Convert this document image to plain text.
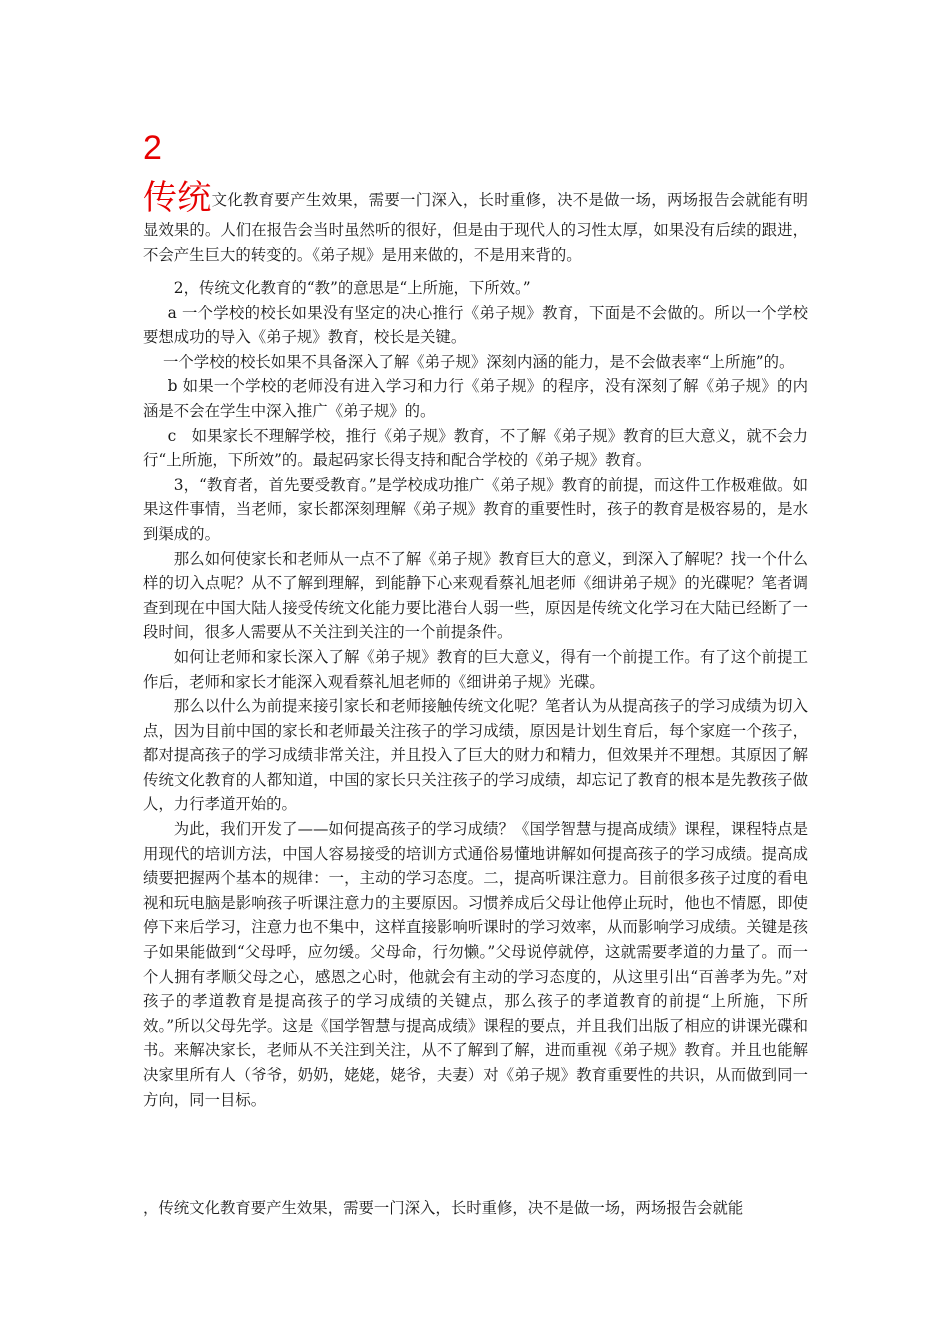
2

传统文化教育要产生效果，需要一门深入，长时重修，决不是做一场，两场报告会就能有明显效果的。人们在报告会当时虽然听的很好，但是由于现代人的习性太厚，如果没有后续的跟进，不会产生巨大的转变的。《弟子规》是用来做的，不是用来背的。

2，传统文化教育的“教”的意思是“上所施，下所效。”

a 一个学校的校长如果没有坚定的决心推行《弟子规》教育，下面是不会做的。所以一个学校要想成功的导入《弟子规》教育，校长是关键。

一个学校的校长如果不具备深入了解《弟子规》深刻内涵的能力，是不会做表率“上所施”的。

b 如果一个学校的老师没有进入学习和力行《弟子规》的程序，没有深刻了解《弟子规》的内涵是不会在学生中深入推广《弟子规》的。

c　如果家长不理解学校，推行《弟子规》教育，不了解《弟子规》教育的巨大意义，就不会力行“上所施，下所效”的。最起码家长得支持和配合学校的《弟子规》教育。

3，“教育者，首先要受教育。”是学校成功推广《弟子规》教育的前提，而这件工作极难做。如果这件事情，当老师，家长都深刻理解《弟子规》教育的重要性时，孩子的教育是极容易的，是水到渠成的。

那么如何使家长和老师从一点不了解《弟子规》教育巨大的意义，到深入了解呢？找一个什么样的切入点呢？从不了解到理解，到能静下心来观看蔡礼旭老师《细讲弟子规》的光碟呢？笔者调查到现在中国大陆人接受传统文化能力要比港台人弱一些，原因是传统文化学习在大陆已经断了一段时间，很多人需要从不关注到关注的一个前提条件。

如何让老师和家长深入了解《弟子规》教育的巨大意义，得有一个前提工作。有了这个前提工作后，老师和家长才能深入观看蔡礼旭老师的《细讲弟子规》光碟。

那么以什么为前提来接引家长和老师接触传统文化呢？笔者认为从提高孩子的学习成绩为切入点，因为目前中国的家长和老师最关注孩子的学习成绩，原因是计划生育后，每个家庭一个孩子，都对提高孩子的学习成绩非常关注，并且投入了巨大的财力和精力，但效果并不理想。其原因了解传统文化教育的人都知道，中国的家长只关注孩子的学习成绩，却忘记了教育的根本是先教孩子做人，力行孝道开始的。

为此，我们开发了——如何提高孩子的学习成绩？《国学智慧与提高成绩》课程，课程特点是用现代的培训方法，中国人容易接受的培训方式通俗易懂地讲解如何提高孩子的学习成绩。提高成绩要把握两个基本的规律：一，主动的学习态度。二，提高听课注意力。目前很多孩子过度的看电视和玩电脑是影响孩子听课注意力的主要原因。习惯养成后父母让他停止玩时，他也不情愿，即使停下来后学习，注意力也不集中，这样直接影响听课时的学习效率，从而影响学习成绩。关键是孩子如果能做到“父母呼，应勿缓。父母命，行勿懒。”父母说停就停，这就需要孝道的力量了。而一个人拥有孝顺父母之心，感恩之心时，他就会有主动的学习态度的，从这里引出“百善孝为先。”对孩子的孝道教育是提高孩子的学习成绩的关键点，那么孩子的孝道教育的前提“上所施，下所效。”所以父母先学。这是《国学智慧与提高成绩》课程的要点，并且我们出版了相应的讲课光碟和书。来解决家长，老师从不关注到关注，从不了解到了解，进而重视《弟子规》教育。并且也能解决家里所有人（爷爷，奶奶，姥姥，姥爷，夫妻）对《弟子规》教育重要性的共识，从而做到同一方向，同一目标。

，传统文化教育要产生效果，需要一门深入，长时重修，决不是做一场，两场报告会就能
